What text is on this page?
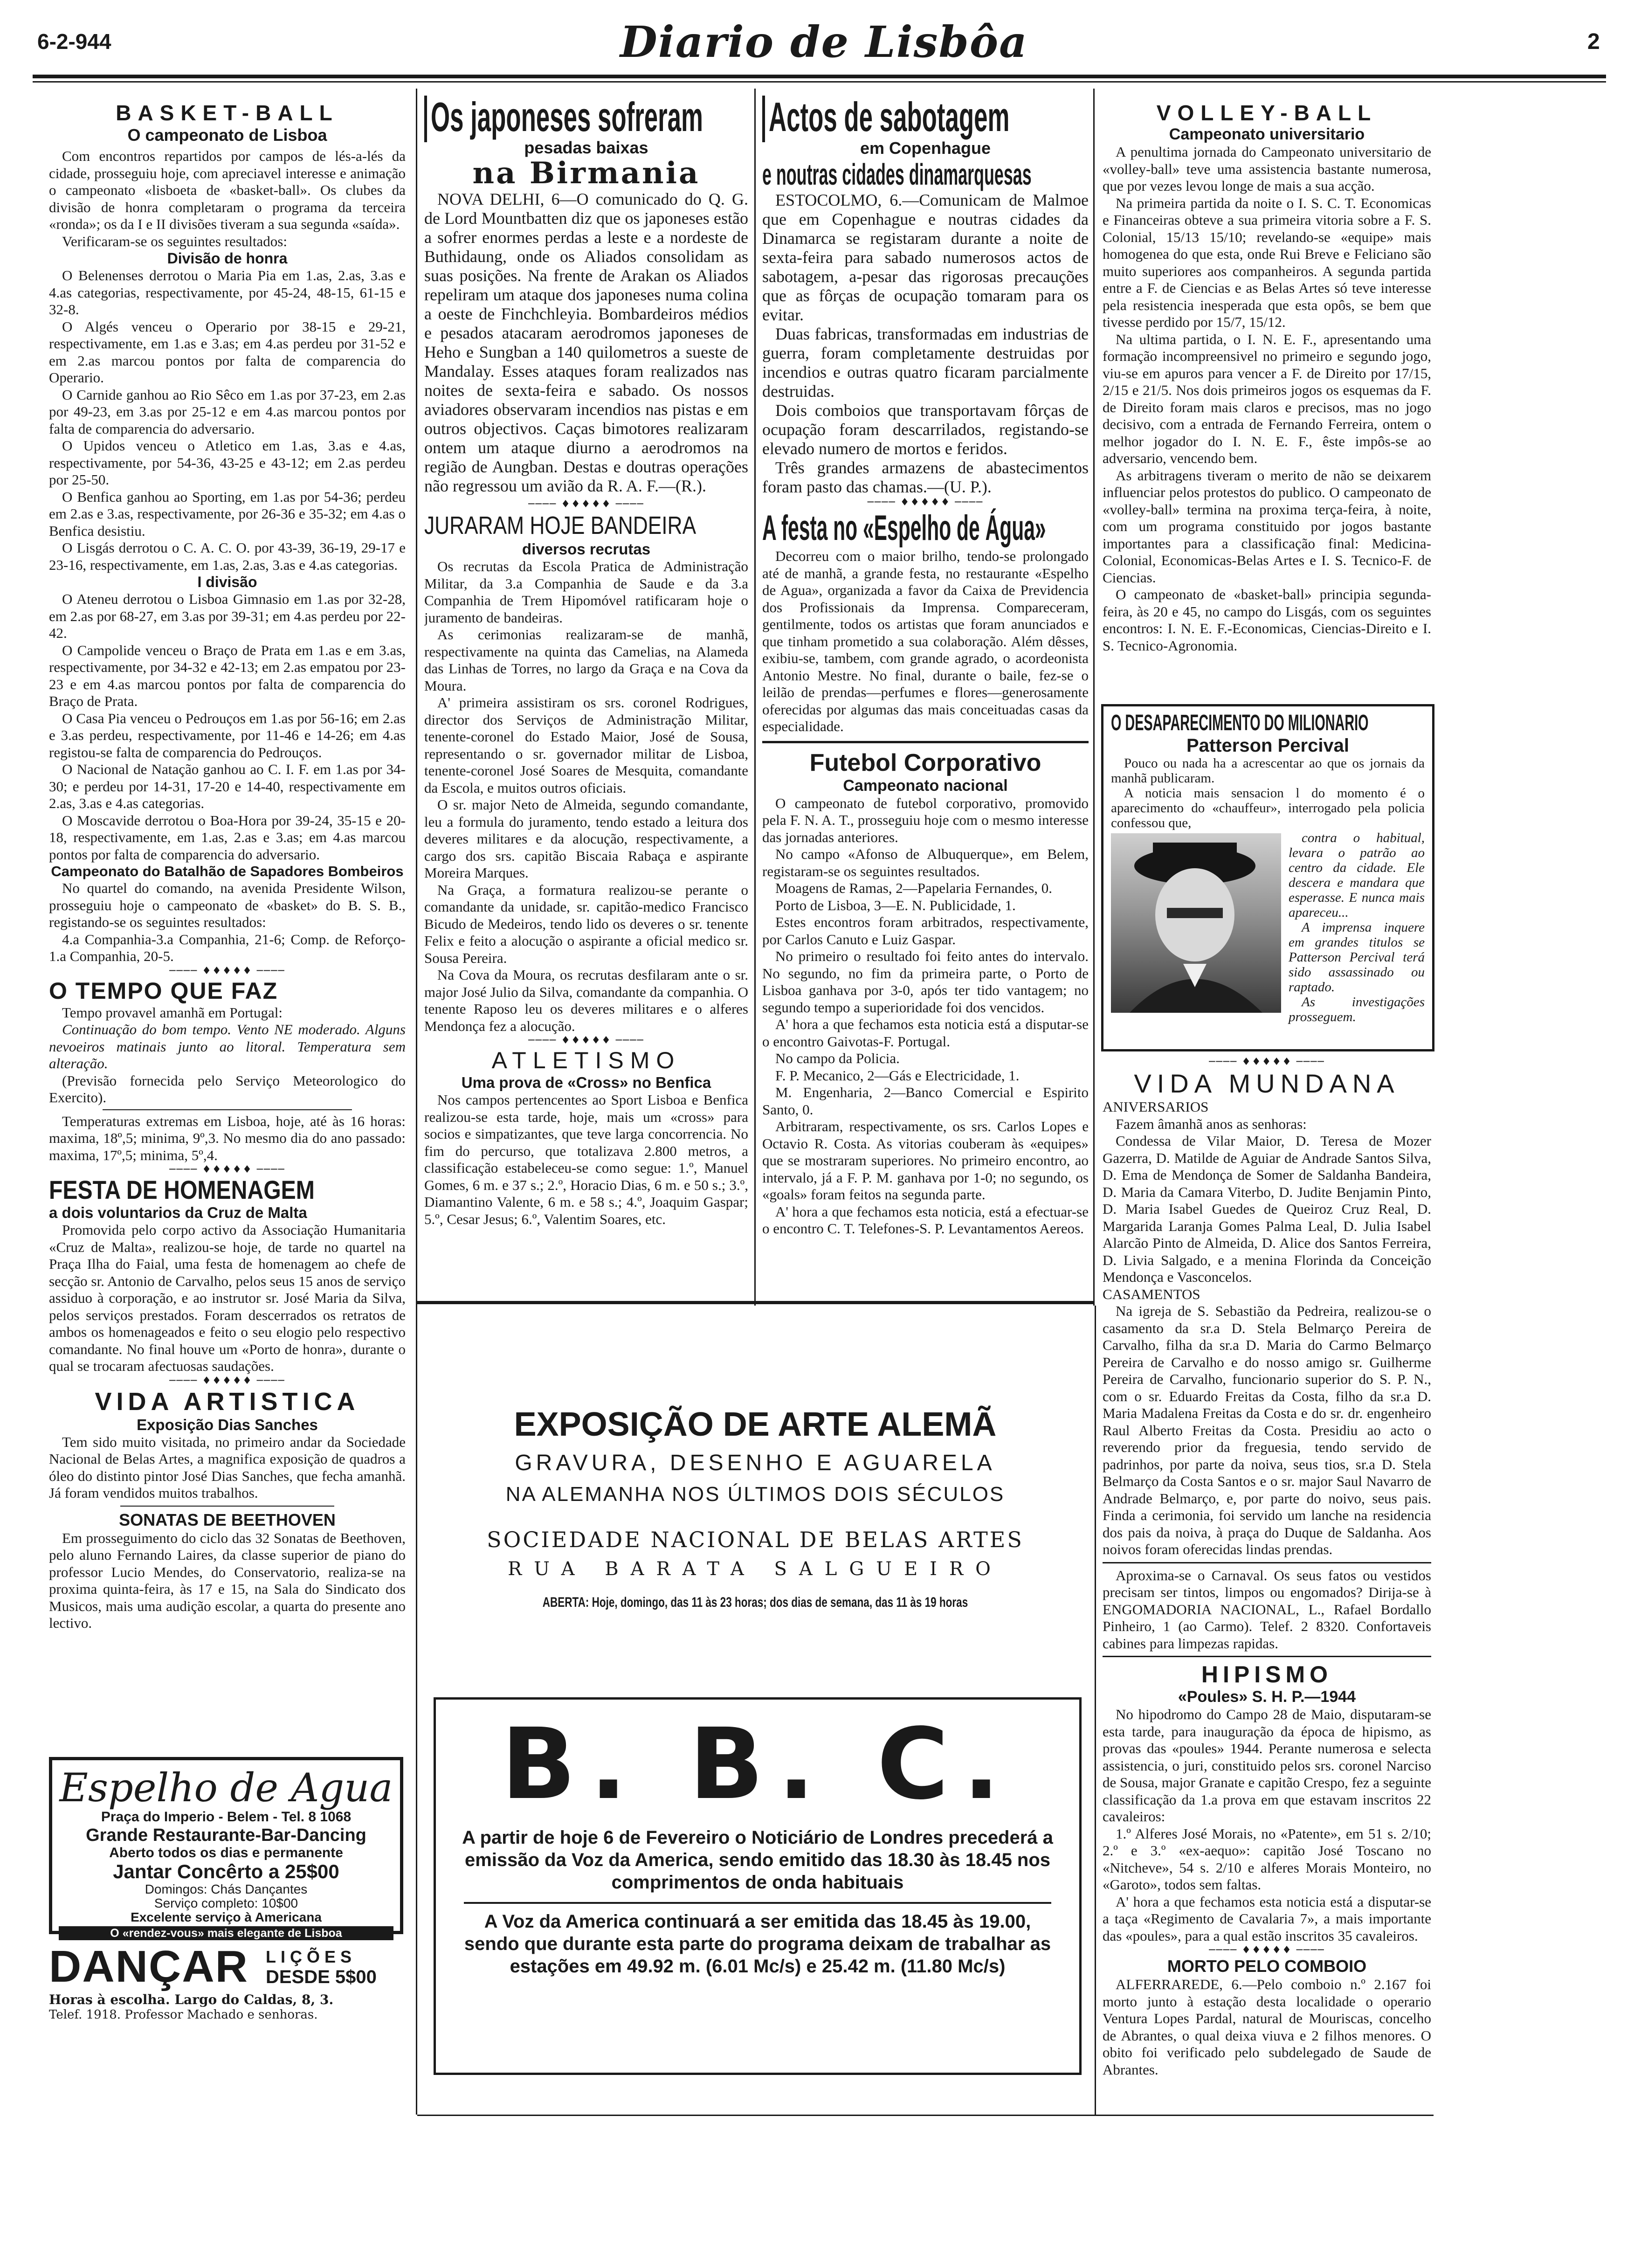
6-2-944	Diario de Lisbôa	2

BASKET-BALL

O campeonato de Lisboa

Com encontros repartidos por campos de lés-a-lés da cidade, prosseguiu hoje, com apreciavel interesse e animação o campeonato «lisboeta de «basket-ball». Os clubes da divisão de honra completaram o programa da terceira «ronda»; os da I e II divisões tiveram a sua segunda «saída».

Verificaram-se os seguintes resultados:

Divisão de honra

O Belenenses derrotou o Maria Pia em 1.as, 2.as, 3.as e 4.as categorias, respectivamente, por 45-24, 48-15, 61-15 e 32-8.

O Algés venceu o Operario por 38-15 e 29-21, respectivamente, em 1.as e 3.as; em 4.as perdeu por 31-52 e em 2.as marcou pontos por falta de comparencia do Operario.

O Carnide ganhou ao Rio Sêco em 1.as por 37-23, em 2.as por 49-23, em 3.as por 25-12 e em 4.as marcou pontos por falta de comparencia do adversario.

O Upidos venceu o Atletico em 1.as, 3.as e 4.as, respectivamente, por 54-36, 43-25 e 43-12; em 2.as perdeu por 25-50.

O Benfica ganhou ao Sporting, em 1.as por 54-36; perdeu em 2.as e 3.as, respectivamente, por 26-36 e 35-32; em 4.as o Benfica desistiu.

O Lisgás derrotou o C. A. C. O. por 43-39, 36-19, 29-17 e 23-16, respectivamente, em 1.as, 2.as, 3.as e 4.as categorias.

I divisão

O Ateneu derrotou o Lisboa Gimnasio em 1.as por 32-28, em 2.as por 68-27, em 3.as por 39-31; em 4.as perdeu por 22-42.

O Campolide venceu o Braço de Prata em 1.as e em 3.as, respectivamente, por 34-32 e 42-13; em 2.as empatou por 23-23 e em 4.as marcou pontos por falta de comparencia do Braço de Prata.

O Casa Pia venceu o Pedrouços em 1.as por 56-16; em 2.as e 3.as perdeu, respectivamente, por 11-46 e 14-26; em 4.as registou-se falta de comparencia do Pedrouços.

O Nacional de Natação ganhou ao C. I. F. em 1.as por 34-30; e perdeu por 14-31, 17-20 e 14-40, respectivamente em 2.as, 3.as e 4.as categorias.

O Moscavide derrotou o Boa-Hora por 39-24, 35-15 e 20-18, respectivamente, em 1.as, 2.as e 3.as; em 4.as marcou pontos por falta de comparencia do adversario.

Campeonato do Batalhão de Sapadores Bombeiros

No quartel do comando, na avenida Presidente Wilson, prosseguiu hoje o campeonato de «basket» do B. S. B., registando-se os seguintes resultados:

4.a Companhia-3.a Companhia, 21-6; Comp. de Reforço-1.a Companhia, 20-5.

──── ♦♦♦♦♦ ────

O TEMPO QUE FAZ

Tempo provavel amanhã em Portugal:

Continuação do bom tempo. Vento NE moderado. Alguns nevoeiros matinais junto ao litoral. Temperatura sem alteração.

(Previsão fornecida pelo Serviço Meteorologico do Exercito).

Temperaturas extremas em Lisboa, hoje, até às 16 horas: maxima, 18º,5; minima, 9º,3. No mesmo dia do ano passado: maxima, 17º,5; minima, 5º,4.

──── ♦♦♦♦♦ ────

FESTA DE HOMENAGEM

a dois voluntarios da Cruz de Malta

Promovida pelo corpo activo da Associação Humanitaria «Cruz de Malta», realizou-se hoje, de tarde no quartel na Praça Ilha do Faial, uma festa de homenagem ao chefe de secção sr. Antonio de Carvalho, pelos seus 15 anos de serviço assiduo à corporação, e ao instrutor sr. José Maria da Silva, pelos serviços prestados. Foram descerrados os retratos de ambos os homenageados e feito o seu elogio pelo respectivo comandante. No final houve um «Porto de honra», durante o qual se trocaram afectuosas saudações.

──── ♦♦♦♦♦ ────

VIDA ARTISTICA

Exposição Dias Sanches

Tem sido muito visitada, no primeiro andar da Sociedade Nacional de Belas Artes, a magnifica exposição de quadros a óleo do distinto pintor José Dias Sanches, que fecha amanhã. Já foram vendidos muitos trabalhos.

SONATAS DE BEETHOVEN

Em prosseguimento do ciclo das 32 Sonatas de Beethoven, pelo aluno Fernando Laires, da classe superior de piano do professor Lucio Mendes, do Conservatorio, realiza-se na proxima quinta-feira, às 17 e 15, na Sala do Sindicato dos Musicos, mais uma audição escolar, a quarta do presente ano lectivo.

Espelho de Agua
Praça do Imperio - Belem - Tel. 8 1068
Grande Restaurante-Bar-Dancing
Aberto todos os dias e permanente
Jantar Concêrto a 25$00
Domingos: Chás Dançantes
Serviço completo: 10$00
Excelente serviço à Americana
O «rendez-vous» mais elegante de Lisboa
DANÇAR LIÇÕES
DESDE 5$00
Horas à escolha. Largo do Caldas, 8, 3.
Telef. 1918. Professor Machado e senhoras.

Os japoneses sofreram

pesadas baixas

na Birmania

NOVA DELHI, 6—O comunicado do Q. G. de Lord Mountbatten diz que os japoneses estão a sofrer enormes perdas a leste e a nordeste de Buthidaung, onde os Aliados consolidam as suas posições. Na frente de Arakan os Aliados repeliram um ataque dos japoneses numa colina a oeste de Finchchleyia. Bombardeiros médios e pesados atacaram aerodromos japoneses de Heho e Sungban a 140 quilometros a sueste de Mandalay. Esses ataques foram realizados nas noites de sexta-feira e sabado. Os nossos aviadores observaram incendios nas pistas e em outros objectivos. Caças bimotores realizaram ontem um ataque diurno a aerodromos na região de Aungban. Destas e doutras operações não regressou um avião da R. A. F.—(R.).

──── ♦♦♦♦♦ ────

JURARAM HOJE BANDEIRA

diversos recrutas

Os recrutas da Escola Pratica de Administração Militar, da 3.a Companhia de Saude e da 3.a Companhia de Trem Hipomóvel ratificaram hoje o juramento de bandeiras.

As cerimonias realizaram-se de manhã, respectivamente na quinta das Camelias, na Alameda das Linhas de Torres, no largo da Graça e na Cova da Moura.

A' primeira assistiram os srs. coronel Rodrigues, director dos Serviços de Administração Militar, tenente-coronel do Estado Maior, José de Sousa, representando o sr. governador militar de Lisboa, tenente-coronel José Soares de Mesquita, comandante da Escola, e muitos outros oficiais.

O sr. major Neto de Almeida, segundo comandante, leu a formula do juramento, tendo estado a leitura dos deveres militares e da alocução, respectivamente, a cargo dos srs. capitão Biscaia Rabaça e aspirante Moreira Marques.

Na Graça, a formatura realizou-se perante o comandante da unidade, sr. capitão-medico Francisco Bicudo de Medeiros, tendo lido os deveres o sr. tenente Felix e feito a alocução o aspirante a oficial medico sr. Sousa Pereira.

Na Cova da Moura, os recrutas desfilaram ante o sr. major José Julio da Silva, comandante da companhia. O tenente Raposo leu os deveres militares e o alferes Mendonça fez a alocução.

──── ♦♦♦♦♦ ────

ATLETISMO

Uma prova de «Cross» no Benfica

Nos campos pertencentes ao Sport Lisboa e Benfica realizou-se esta tarde, hoje, mais um «cross» para socios e simpatizantes, que teve larga concorrencia. No fim do percurso, que totalizava 2.800 metros, a classificação estabeleceu-se como segue: 1.º, Manuel Gomes, 6 m. e 37 s.; 2.º, Horacio Dias, 6 m. e 50 s.; 3.º, Diamantino Valente, 6 m. e 58 s.; 4.º, Joaquim Gaspar; 5.º, Cesar Jesus; 6.º, Valentim Soares, etc.

Actos de sabotagem

em Copenhague

e noutras cidades dinamarquesas

ESTOCOLMO, 6.—Comunicam de Malmoe que em Copenhague e noutras cidades da Dinamarca se registaram durante a noite de sexta-feira para sabado numerosos actos de sabotagem, a-pesar das rigorosas precauções que as fôrças de ocupação tomaram para os evitar.

Duas fabricas, transformadas em industrias de guerra, foram completamente destruidas por incendios e outras quatro ficaram parcialmente destruidas.

Dois comboios que transportavam fôrças de ocupação foram descarrilados, registando-se elevado numero de mortos e feridos.

Três grandes armazens de abastecimentos foram pasto das chamas.—(U. P.).

──── ♦♦♦♦♦ ────

A festa no «Espelho de Água»

Decorreu com o maior brilho, tendo-se prolongado até de manhã, a grande festa, no restaurante «Espelho de Agua», organizada a favor da Caixa de Previdencia dos Profissionais da Imprensa. Compareceram, gentilmente, todos os artistas que foram anunciados e que tinham prometido a sua colaboração. Além dêsses, exibiu-se, tambem, com grande agrado, o acordeonista Antonio Mestre. No final, durante o baile, fez-se o leilão de prendas—perfumes e flores—generosamente oferecidas por algumas das mais conceituadas casas da especialidade.

Futebol Corporativo

Campeonato nacional

O campeonato de futebol corporativo, promovido pela F. N. A. T., prosseguiu hoje com o mesmo interesse das jornadas anteriores.

No campo «Afonso de Albuquerque», em Belem, registaram-se os seguintes resultados.

Moagens de Ramas, 2—Papelaria Fernandes, 0.

Porto de Lisboa, 3—E. N. Publicidade, 1.

Estes encontros foram arbitrados, respectivamente, por Carlos Canuto e Luiz Gaspar.

No primeiro o resultado foi feito antes do intervalo. No segundo, no fim da primeira parte, o Porto de Lisboa ganhava por 3-0, após ter tido vantagem; no segundo tempo a superioridade foi dos vencidos.

A' hora a que fechamos esta noticia está a disputar-se o encontro Gaivotas-F. Portugal.

No campo da Policia.

F. P. Mecanico, 2—Gás e Electricidade, 1.

M. Engenharia, 2—Banco Comercial e Espirito Santo, 0.

Arbitraram, respectivamente, os srs. Carlos Lopes e Octavio R. Costa. As vitorias couberam às «equipes» que se mostraram superiores. No primeiro encontro, ao intervalo, já a F. P. M. ganhava por 1-0; no segundo, os «goals» foram feitos na segunda parte.

A' hora a que fechamos esta noticia, está a efectuar-se o encontro C. T. Telefones-S. P. Levantamentos Aereos.

VOLLEY-BALL

Campeonato universitario

A penultima jornada do Campeonato universitario de «volley-ball» teve uma assistencia bastante numerosa, que por vezes levou longe de mais a sua acção.

Na primeira partida da noite o I. S. C. T. Economicas e Financeiras obteve a sua primeira vitoria sobre a F. S. Colonial, 15/13 15/10; revelando-se «equipe» mais homogenea do que esta, onde Rui Breve e Feliciano são muito superiores aos companheiros. A segunda partida entre a F. de Ciencias e as Belas Artes só teve interesse pela resistencia inesperada que esta opôs, se bem que tivesse perdido por 15/7, 15/12.

Na ultima partida, o I. N. E. F., apresentando uma formação incompreensivel no primeiro e segundo jogo, viu-se em apuros para vencer a F. de Direito por 17/15, 2/15 e 21/5. Nos dois primeiros jogos os esquemas da F. de Direito foram mais claros e precisos, mas no jogo decisivo, com a entrada de Fernando Ferreira, ontem o melhor jogador do I. N. E. F., êste impôs-se ao adversario, vencendo bem.

As arbitragens tiveram o merito de não se deixarem influenciar pelos protestos do publico. O campeonato de «volley-ball» termina na proxima terça-feira, à noite, com um programa constituido por jogos bastante importantes para a classificação final: Medicina-Colonial, Economicas-Belas Artes e I. S. Tecnico-F. de Ciencias.

O campeonato de «basket-ball» principia segunda-feira, às 20 e 45, no campo do Lisgás, com os seguintes encontros: I. N. E. F.-Economicas, Ciencias-Direito e I. S. Tecnico-Agronomia.

O DESAPARECIMENTO DO MILIONARIO

Patterson Percival

Pouco ou nada ha a acrescentar ao que os jornais da manhã publicaram.

A noticia mais sensacion l do momento é o aparecimento do «chauffeur», interrogado pela policia confessou que,

contra o habitual, levara o patrão ao centro da cidade. Ele descera e mandara que esperasse. E nunca mais apareceu...

A imprensa inquere em grandes titulos se Patterson Percival terá sido assassinado ou raptado.

As investigações prosseguem.

──── ♦♦♦♦♦ ────

VIDA MUNDANA

ANIVERSARIOS

Fazem âmanhã anos as senhoras:

Condessa de Vilar Maior, D. Teresa de Mozer Gazerra, D. Matilde de Aguiar de Andrade Santos Silva, D. Ema de Mendonça de Somer de Saldanha Bandeira, D. Maria da Camara Viterbo, D. Judite Benjamin Pinto, D. Maria Isabel Guedes de Queiroz Cruz Real, D. Margarida Laranja Gomes Palma Leal, D. Julia Isabel Alarcão Pinto de Almeida, D. Alice dos Santos Ferreira, D. Livia Salgado, e a menina Florinda da Conceição Mendonça e Vasconcelos.

CASAMENTOS

Na igreja de S. Sebastião da Pedreira, realizou-se o casamento da sr.a D. Stela Belmarço Pereira de Carvalho, filha da sr.a D. Maria do Carmo Belmarço Pereira de Carvalho e do nosso amigo sr. Guilherme Pereira de Carvalho, funcionario superior do S. P. N., com o sr. Eduardo Freitas da Costa, filho da sr.a D. Maria Madalena Freitas da Costa e do sr. dr. engenheiro Raul Alberto Freitas da Costa. Presidiu ao acto o reverendo prior da freguesia, tendo servido de padrinhos, por parte da noiva, seus tios, sr.a D. Stela Belmarço da Costa Santos e o sr. major Saul Navarro de Andrade Belmarço, e, por parte do noivo, seus pais. Finda a cerimonia, foi servido um lanche na residencia dos pais da noiva, à praça do Duque de Saldanha. Aos noivos foram oferecidas lindas prendas.

Aproxima-se o Carnaval. Os seus fatos ou vestidos precisam ser tintos, limpos ou engomados? Dirija-se à ENGOMADORIA NACIONAL, L., Rafael Bordallo Pinheiro, 1 (ao Carmo). Telef. 2 8320. Confortaveis cabines para limpezas rapidas.

HIPISMO

«Poules» S. H. P.—1944

No hipodromo do Campo 28 de Maio, disputaram-se esta tarde, para inauguração da época de hipismo, as provas das «poules» 1944. Perante numerosa e selecta assistencia, o juri, constituido pelos srs. coronel Narciso de Sousa, major Granate e capitão Crespo, fez a seguinte classificação da 1.a prova em que estavam inscritos 22 cavaleiros:

1.º Alferes José Morais, no «Patente», em 51 s. 2/10; 2.º e 3.º «ex-aequo»: capitão José Toscano no «Nitcheve», 54 s. 2/10 e alferes Morais Monteiro, no «Garoto», todos sem faltas.

A' hora a que fechamos esta noticia está a disputar-se a taça «Regimento de Cavalaria 7», a mais importante das «poules», para a qual estão inscritos 35 cavaleiros.

──── ♦♦♦♦♦ ────

MORTO PELO COMBOIO

ALFERRAREDE, 6.—Pelo comboio n.º 2.167 foi morto junto à estação desta localidade o operario Ventura Lopes Pardal, natural de Mouriscas, concelho de Abrantes, o qual deixa viuva e 2 filhos menores. O obito foi verificado pelo subdelegado de Saude de Abrantes.

EXPOSIÇÃO DE ARTE ALEMÃ
GRAVURA, DESENHO E AGUARELA
NA ALEMANHA NOS ÚLTIMOS DOIS SÉCULOS
SOCIEDADE NACIONAL DE BELAS ARTES
RUA BARATA SALGUEIRO
ABERTA: Hoje, domingo, das 11 às 23 horas; dos dias de semana, das 11 às 19 horas
B. B. C.

A partir de hoje 6 de Fevereiro o Noticiário de Londres precederá a emissão da Voz da America, sendo emitido das 18.30 às 18.45 nos comprimentos de onda habituais

A Voz da America continuará a ser emitida das 18.45 às 19.00, sendo que durante esta parte do programa deixam de trabalhar as estações em 49.92 m. (6.01 Mc/s) e 25.42 m. (11.80 Mc/s)
